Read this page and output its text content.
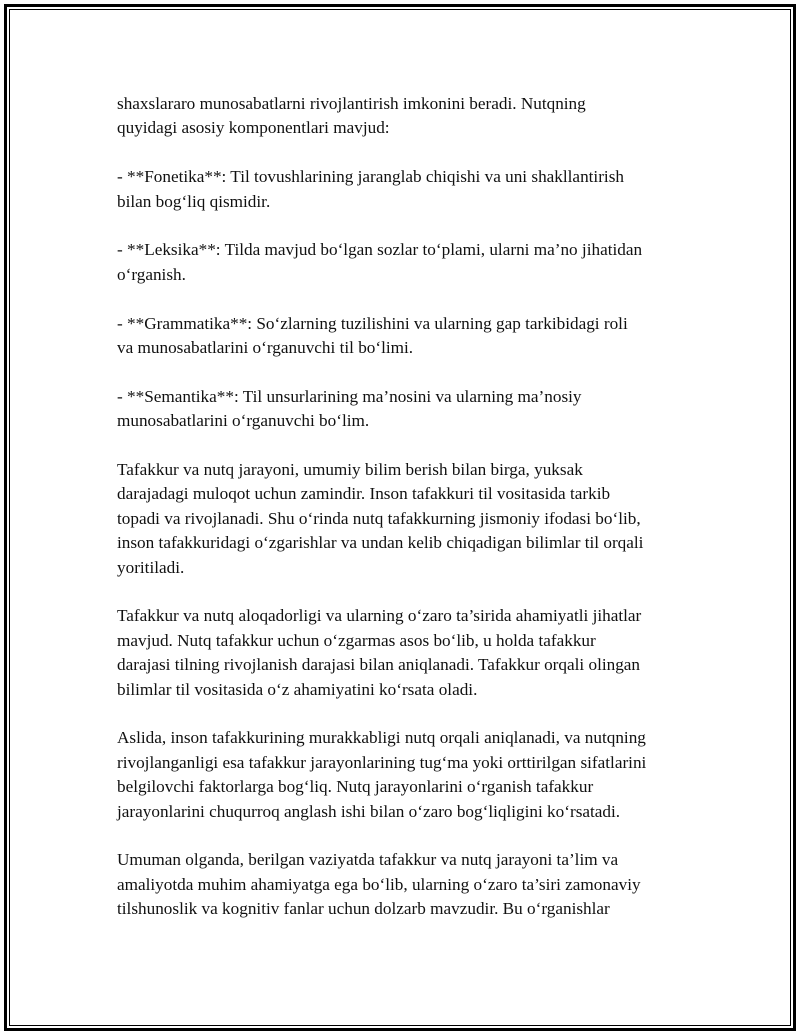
shaxslararo munosabatlarni rivojlantirish imkonini beradi. Nutqning
quyidagi asosiy komponentlari mavjud:

- **Fonetika**: Til tovushlarining jaranglab chiqishi va uni shakllantirish
bilan bog‘liq qismidir.

- **Leksika**: Tilda mavjud bo‘lgan sozlar to‘plami, ularni ma’no jihatidan
o‘rganish.

- **Grammatika**: So‘zlarning tuzilishini va ularning gap tarkibidagi roli
va munosabatlarini o‘rganuvchi til bo‘limi.

- **Semantika**: Til unsurlarining ma’nosini va ularning ma’nosiy
munosabatlarini o‘rganuvchi bo‘lim.

Tafakkur va nutq jarayoni, umumiy bilim berish bilan birga, yuksak
darajadagi muloqot uchun zamindir. Inson tafakkuri til vositasida tarkib
topadi va rivojlanadi. Shu o‘rinda nutq tafakkurning jismoniy ifodasi bo‘lib,
inson tafakkuridagi o‘zgarishlar va undan kelib chiqadigan bilimlar til orqali
yoritiladi.

Tafakkur va nutq aloqadorligi va ularning o‘zaro ta’sirida ahamiyatli jihatlar
mavjud. Nutq tafakkur uchun o‘zgarmas asos bo‘lib, u holda tafakkur
darajasi tilning rivojlanish darajasi bilan aniqlanadi. Tafakkur orqali olingan
bilimlar til vositasida o‘z ahamiyatini ko‘rsata oladi.

Aslida, inson tafakkurining murakkabligi nutq orqali aniqlanadi, va nutqning
rivojlanganligi esa tafakkur jarayonlarining tug‘ma yoki orttirilgan sifatlarini
belgilovchi faktorlarga bog‘liq. Nutq jarayonlarini o‘rganish tafakkur
jarayonlarini chuqurroq anglash ishi bilan o‘zaro bog‘liqligini ko‘rsatadi.

Umuman olganda, berilgan vaziyatda tafakkur va nutq jarayoni ta’lim va
amaliyotda muhim ahamiyatga ega bo‘lib, ularning o‘zaro ta’siri zamonaviy
tilshunoslik va kognitiv fanlar uchun dolzarb mavzudir. Bu o‘rganishlar
